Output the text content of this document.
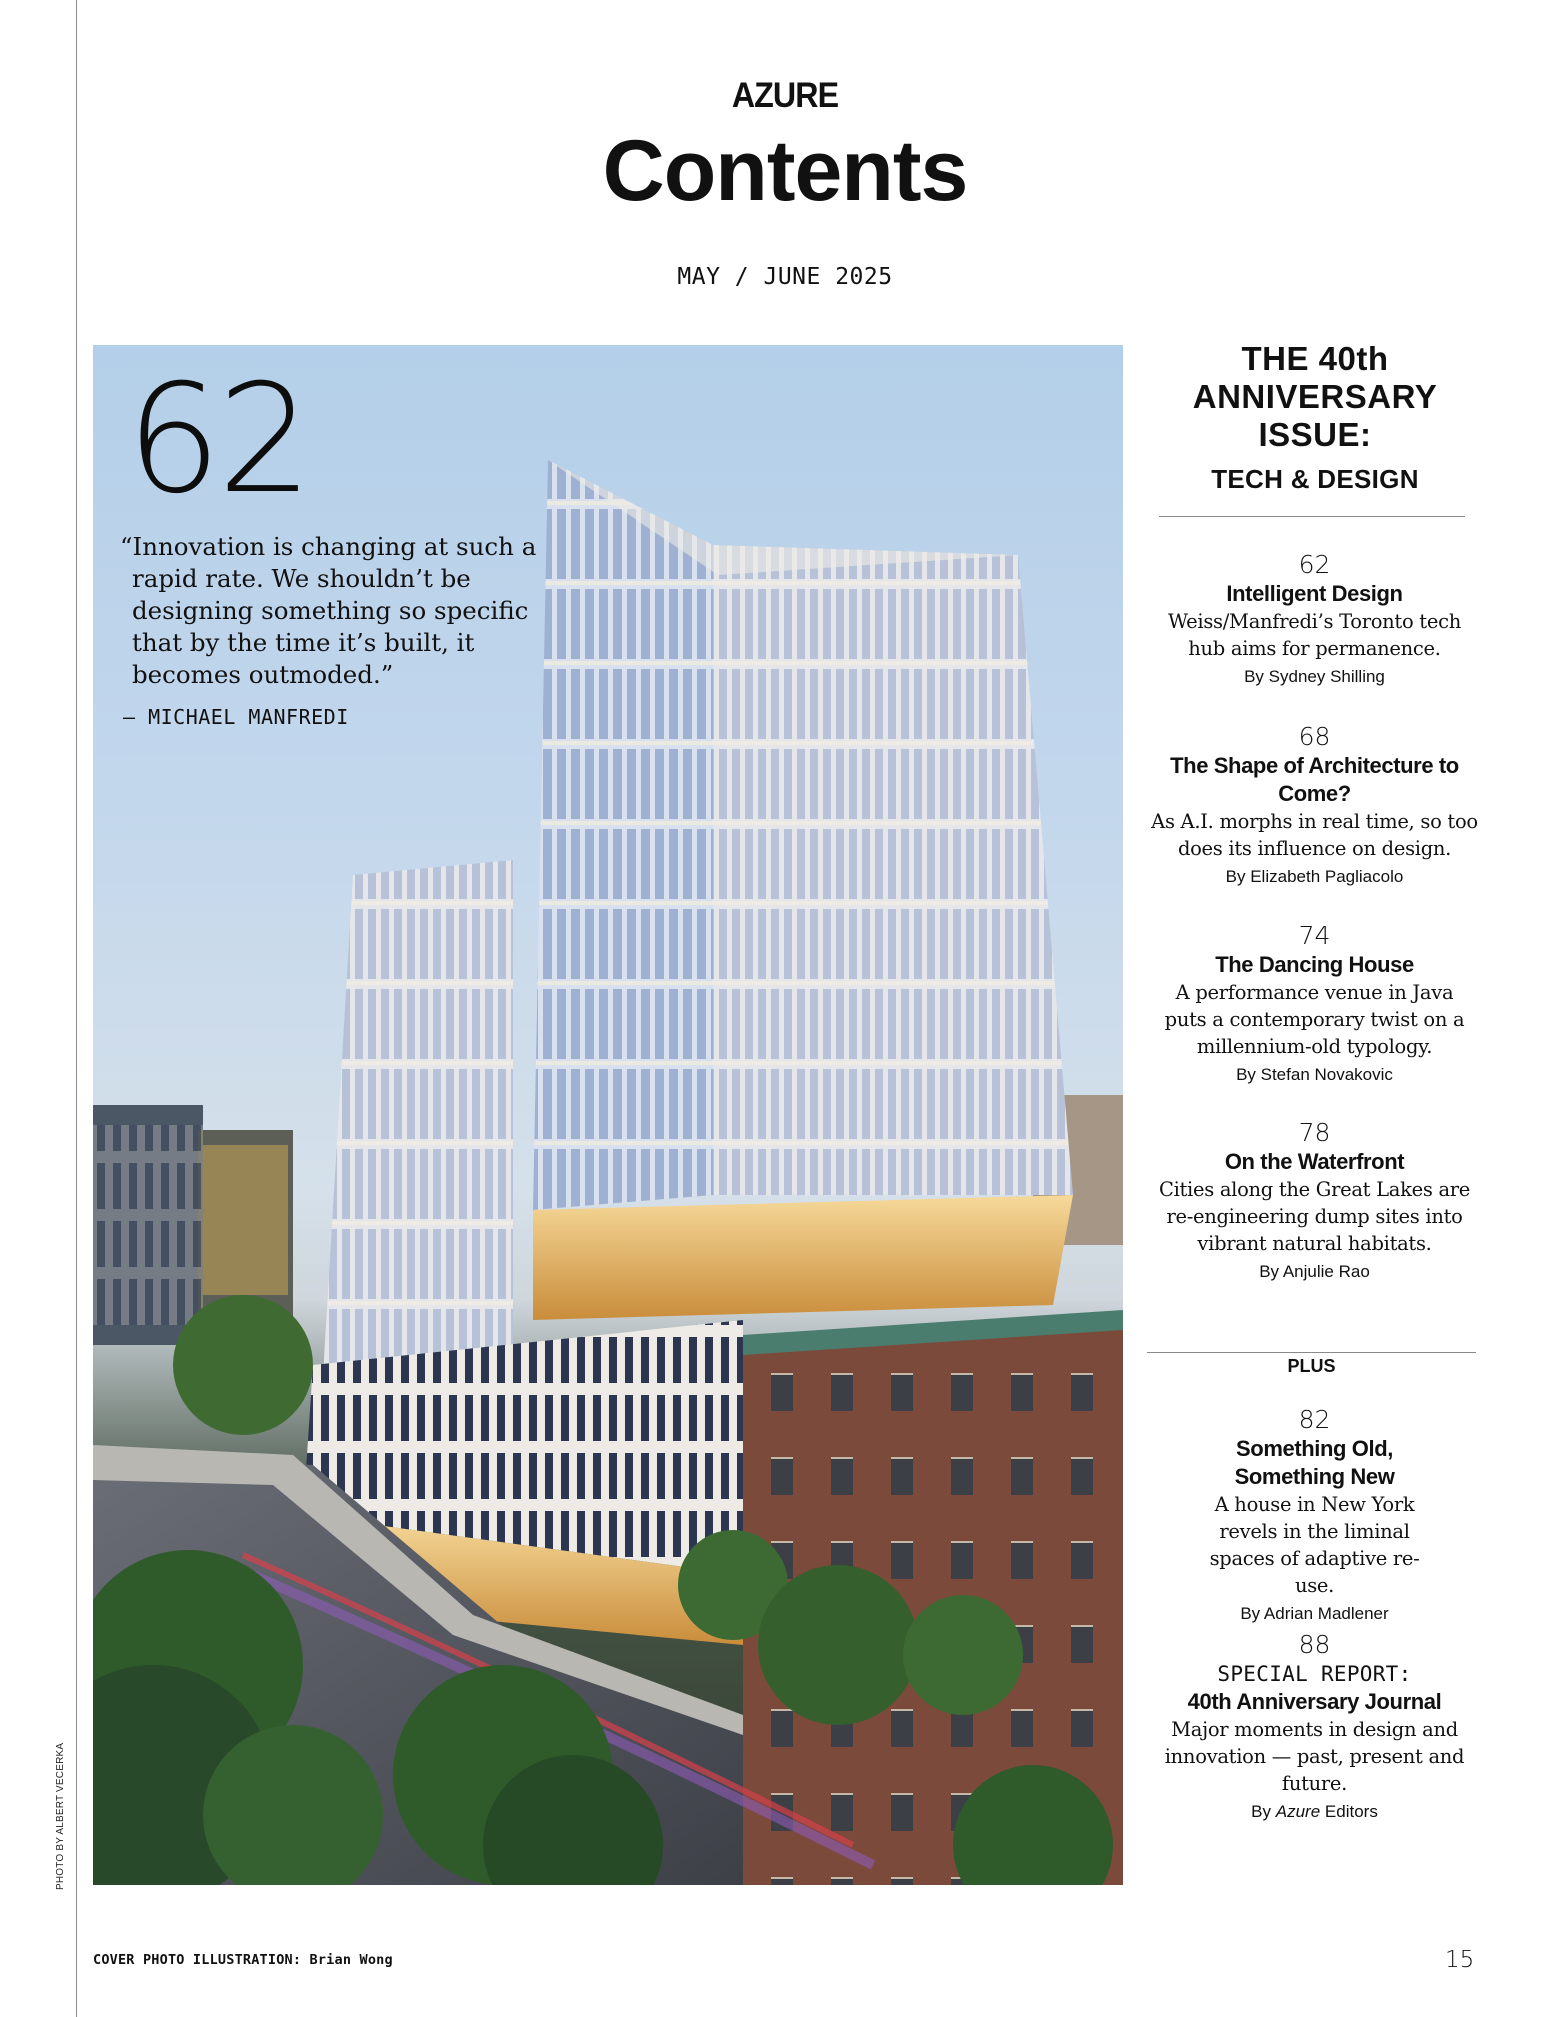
AZURE
Contents
MAY / JUNE 2025
62

“Innovation is changing at such a rapid rate. We shouldn’t be designing something so specific that by the time it’s built, it becomes outmoded.”

— MICHAEL MANFREDI
PHOTO BY ALBERT VECERKA
THE 40th
ANNIVERSARY
ISSUE:
TECH & DESIGN
62
Intelligent Design
Weiss/Manfredi’s Toronto tech hub aims for permanence.
By Sydney Shilling
68
The Shape of Architecture to Come?
As A.I. morphs in real time, so too does its influence on design.
By Elizabeth Pagliacolo
74
The Dancing House
A performance venue in Java puts a contemporary twist on a millennium-old typology.
By Stefan Novakovic
78
On the Waterfront
Cities along the Great Lakes are re-engineering dump sites into vibrant natural habitats.
By Anjulie Rao
PLUS
82
Something Old, Something New
A house in New York revels in the liminal spaces of adaptive re-use.
By Adrian Madlener
88
SPECIAL REPORT:
40th Anniversary Journal
Major moments in design and innovation — past, present and future.
By Azure Editors
COVER PHOTO ILLUSTRATION: Brian Wong	15
